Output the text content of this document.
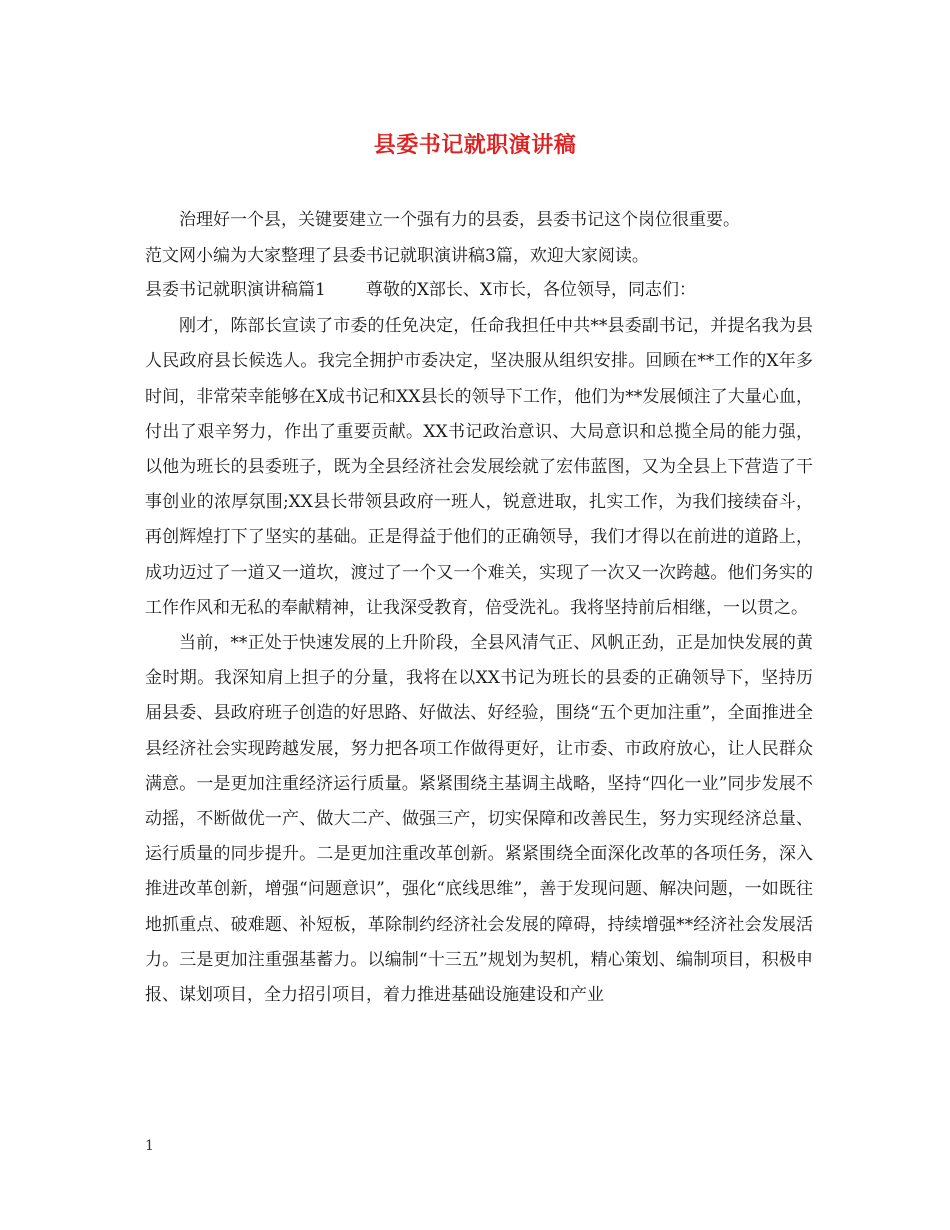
县委书记就职演讲稿

治理好一个县，关键要建立一个强有力的县委，县委书记这个岗位很重要。

范文网小编为大家整理了县委书记就职演讲稿3篇，欢迎大家阅读。

县委书记就职演讲稿篇1 尊敬的X部长、X市长，各位领导，同志们：

刚才，陈部长宣读了市委的任免决定，任命我担任中共**县委副书记，并提名我为县人民政府县长候选人。我完全拥护市委决定，坚决服从组织安排。回顾在**工作的X年多时间，非常荣幸能够在X成书记和XX县长的领导下工作，他们为**发展倾注了大量心血，付出了艰辛努力，作出了重要贡献。XX书记政治意识、大局意识和总揽全局的能力强，以他为班长的县委班子，既为全县经济社会发展绘就了宏伟蓝图，又为全县上下营造了干事创业的浓厚氛围;XX县长带领县政府一班人，锐意进取，扎实工作，为我们接续奋斗，再创辉煌打下了坚实的基础。正是得益于他们的正确领导，我们才得以在前进的道路上，成功迈过了一道又一道坎，渡过了一个又一个难关，实现了一次又一次跨越。他们务实的工作作风和无私的奉献精神，让我深受教育，倍受洗礼。我将坚持前后相继，一以贯之。

当前，**正处于快速发展的上升阶段，全县风清气正、风帆正劲，正是加快发展的黄金时期。我深知肩上担子的分量，我将在以XX书记为班长的县委的正确领导下，坚持历届县委、县政府班子创造的好思路、好做法、好经验，围绕“五个更加注重”，全面推进全县经济社会实现跨越发展，努力把各项工作做得更好，让市委、市政府放心，让人民群众满意。一是更加注重经济运行质量。紧紧围绕主基调主战略，坚持“四化一业”同步发展不动摇，不断做优一产、做大二产、做强三产，切实保障和改善民生，努力实现经济总量、运行质量的同步提升。二是更加注重改革创新。紧紧围绕全面深化改革的各项任务，深入推进改革创新，增强“问题意识”，强化“底线思维”，善于发现问题、解决问题，一如既往地抓重点、破难题、补短板，革除制约经济社会发展的障碍，持续增强**经济社会发展活力。三是更加注重强基蓄力。以编制“十三五”规划为契机，精心策划、编制项目，积极申报、谋划项目，全力招引项目，着力推进基础设施建设和产业

1
